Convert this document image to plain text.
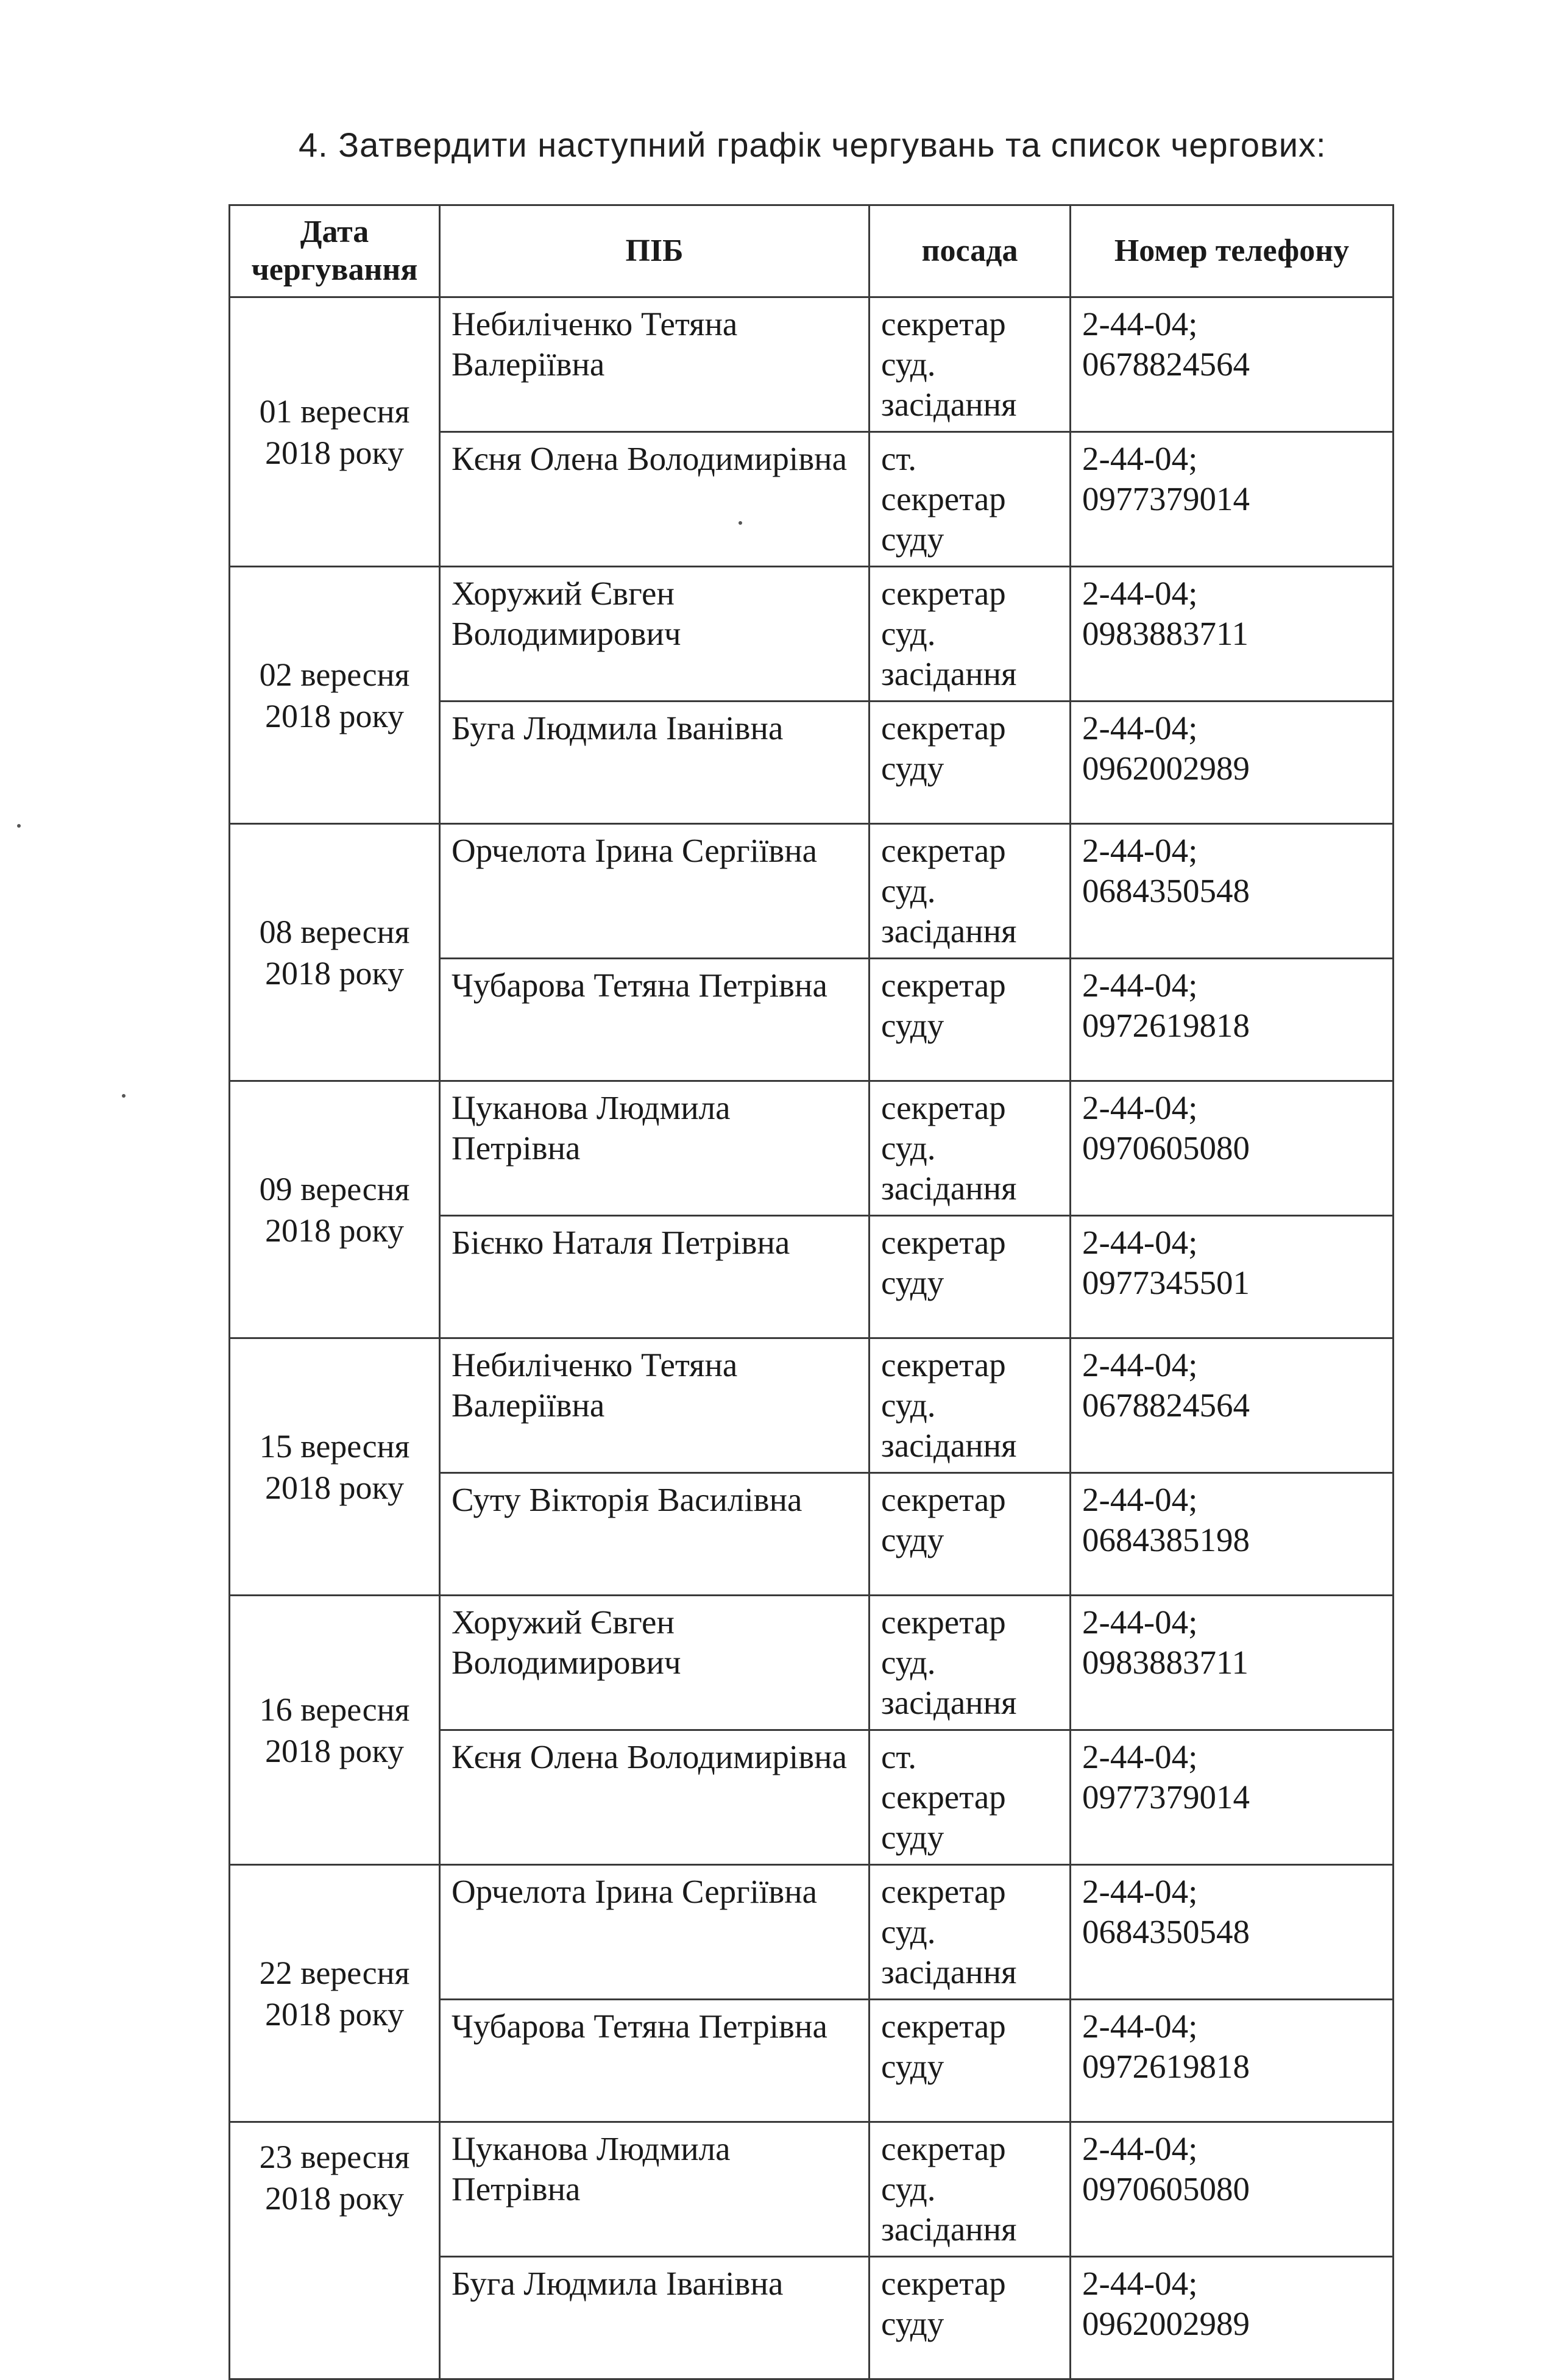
4. Затвердити наступний графік чергувань та список чергових:
Дата
чергування	ПІБ	посада	Номер телефону

01 вересня
2018 року	Небиліченко Тетяна Валеріївна	секретар
суд.
засідання	2-44-04;
0678824564

	Кєня Олена Володимирівна	ст.
секретар
суду	2-44-04;
0977379014

02 вересня
2018 року	Хоружий Євген Володимирович	секретар
суд.
засідання	2-44-04;
0983883711

	Буга Людмила Іванівна	секретар
суду	2-44-04;
0962002989

08 вересня
2018 року	Орчелота Ірина Сергіївна	секретар
суд.
засідання	2-44-04;
0684350548

	Чубарова Тетяна Петрівна	секретар
суду	2-44-04;
0972619818

09 вересня
2018 року	Цуканова Людмила Петрівна	секретар
суд.
засідання	2-44-04;
0970605080

	Бієнко Наталя Петрівна	секретар
суду	2-44-04;
0977345501

15 вересня
2018 року	Небиліченко Тетяна Валеріївна	секретар
суд.
засідання	2-44-04;
0678824564

	Суту Вікторія Василівна	секретар
суду	2-44-04;
0684385198

16 вересня
2018 року	Хоружий Євген Володимирович	секретар
суд.
засідання	2-44-04;
0983883711

	Кєня Олена Володимирівна	ст.
секретар
суду	2-44-04;
0977379014

22 вересня
2018 року	Орчелота Ірина Сергіївна	секретар
суд.
засідання	2-44-04;
0684350548

	Чубарова Тетяна Петрівна	секретар
суду	2-44-04;
0972619818

23 вересня
2018 року	Цуканова Людмила Петрівна	секретар
суд.
засідання	2-44-04;
0970605080

	Буга Людмила Іванівна	секретар
суду	2-44-04;
0962002989
